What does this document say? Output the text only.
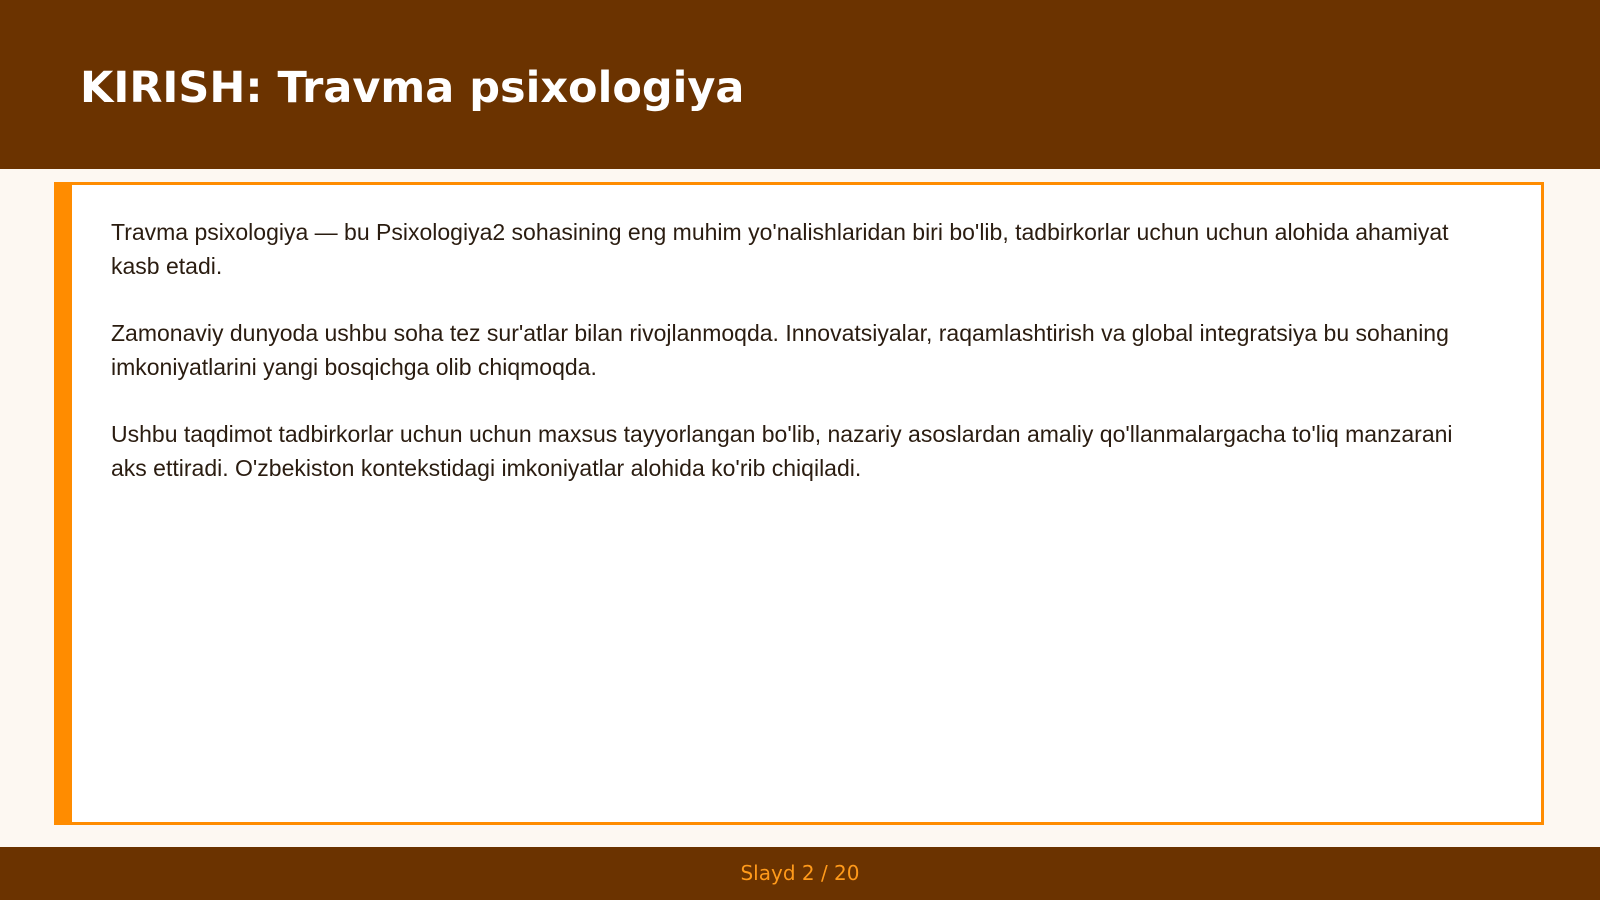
KIRISH: Travma psixologiya

Travma psixologiya — bu Psixologiya2 sohasining eng muhim yo'nalishlaridan biri bo'lib, tadbirkorlar uchun uchun alohida ahamiyat kasb etadi.

Zamonaviy dunyoda ushbu soha tez sur'atlar bilan rivojlanmoqda. Innovatsiyalar, raqamlashtirish va global integratsiya bu sohaning imkoniyatlarini yangi bosqichga olib chiqmoqda.

Ushbu taqdimot tadbirkorlar uchun uchun maxsus tayyorlangan bo'lib, nazariy asoslardan amaliy qo'llanmalargacha to'liq manzarani aks ettiradi. O'zbekiston kontekstidagi imkoniyatlar alohida ko'rib chiqiladi.

Slayd 2 / 20
